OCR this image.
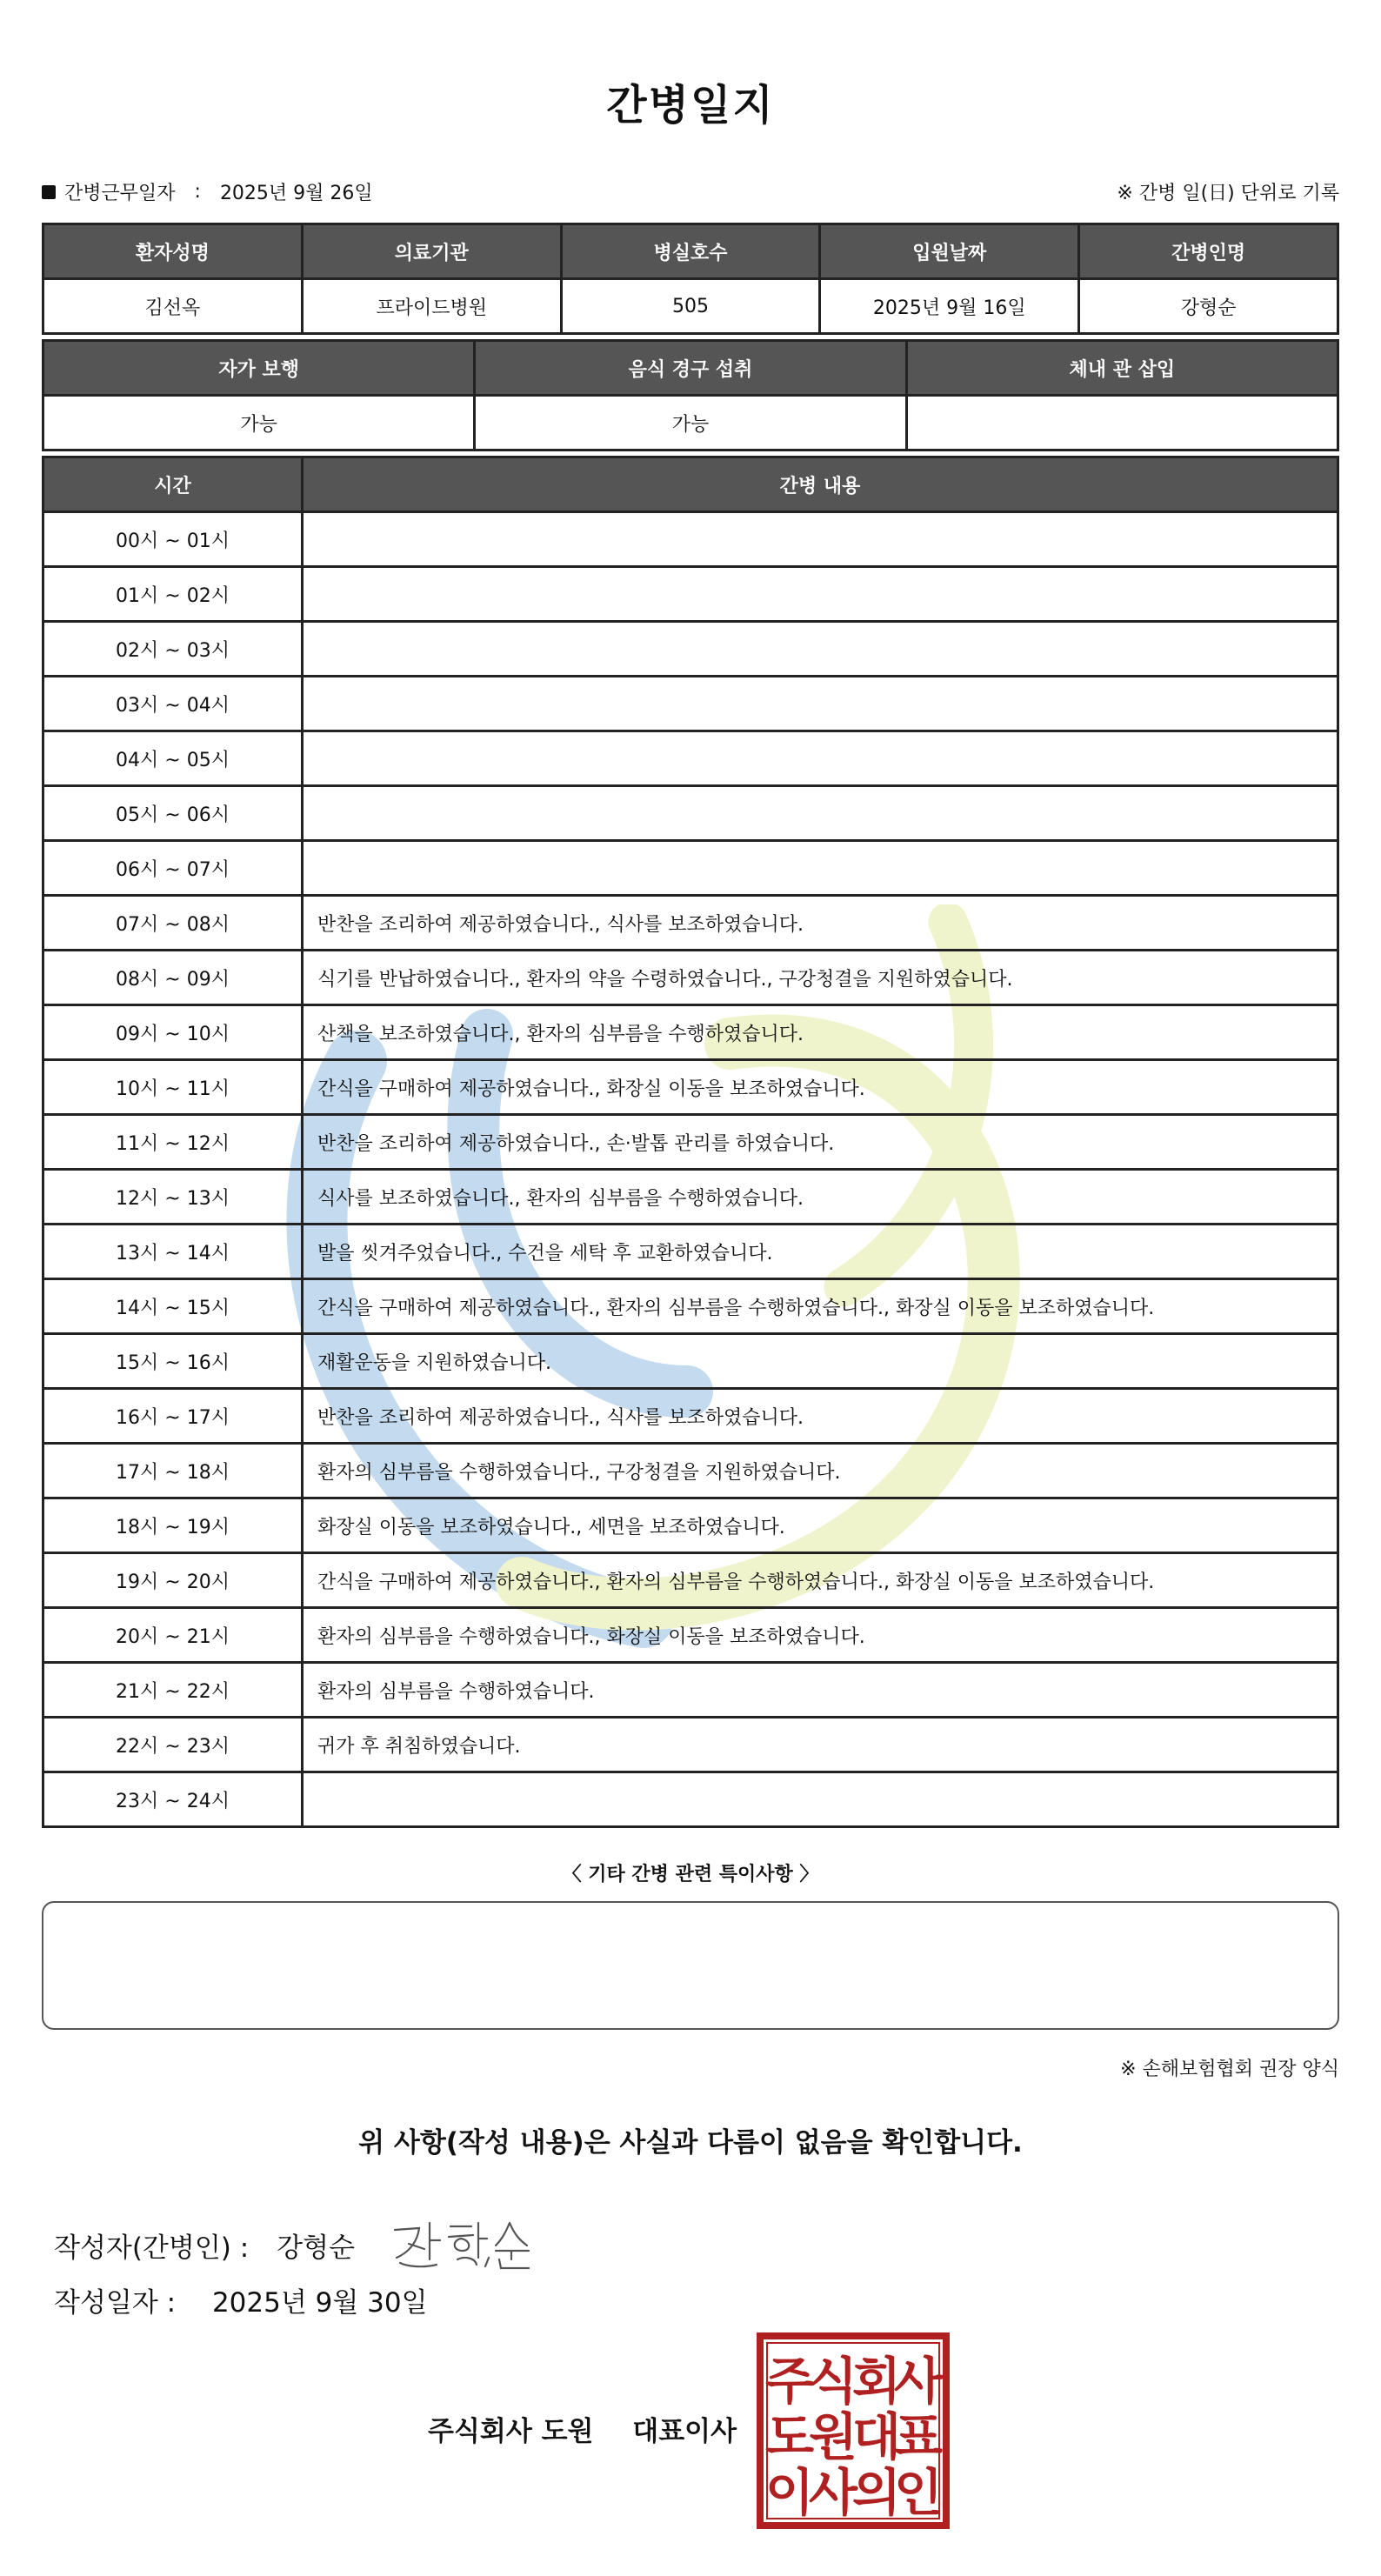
간병일지
간병근무일자 : 2025년 9월 26일	※ 간병 일(日) 단위로 기록
환자성명	의료기관	병실호수	입원날짜	간병인명
김선옥	프라이드병원	505	2025년 9월 16일	강형순
자가 보행	음식 경구 섭취	체내 관 삽입
가능	가능	
시간	간병 내용
00시 ~ 01시	
01시 ~ 02시	
02시 ~ 03시	
03시 ~ 04시	
04시 ~ 05시	
05시 ~ 06시	
06시 ~ 07시	
07시 ~ 08시	반찬을 조리하여 제공하였습니다., 식사를 보조하였습니다.
08시 ~ 09시	식기를 반납하였습니다., 환자의 약을 수령하였습니다., 구강청결을 지원하였습니다.
09시 ~ 10시	산책을 보조하였습니다., 환자의 심부름을 수행하였습니다.
10시 ~ 11시	간식을 구매하여 제공하였습니다., 화장실 이동을 보조하였습니다.
11시 ~ 12시	반찬을 조리하여 제공하였습니다., 손·발톱 관리를 하였습니다.
12시 ~ 13시	식사를 보조하였습니다., 환자의 심부름을 수행하였습니다.
13시 ~ 14시	발을 씻겨주었습니다., 수건을 세탁 후 교환하였습니다.
14시 ~ 15시	간식을 구매하여 제공하였습니다., 환자의 심부름을 수행하였습니다., 화장실 이동을 보조하였습니다.
15시 ~ 16시	재활운동을 지원하였습니다.
16시 ~ 17시	반찬을 조리하여 제공하였습니다., 식사를 보조하였습니다.
17시 ~ 18시	환자의 심부름을 수행하였습니다., 구강청결을 지원하였습니다.
18시 ~ 19시	화장실 이동을 보조하였습니다., 세면을 보조하였습니다.
19시 ~ 20시	간식을 구매하여 제공하였습니다., 환자의 심부름을 수행하였습니다., 화장실 이동을 보조하였습니다.
20시 ~ 21시	환자의 심부름을 수행하였습니다., 화장실 이동을 보조하였습니다.
21시 ~ 22시	환자의 심부름을 수행하였습니다.
22시 ~ 23시	귀가 후 취침하였습니다.
23시 ~ 24시	
〈 기타 간병 관련 특이사항 〉
※ 손해보험협회 권장 양식
위 사항(작성 내용)은 사실과 다름이 없음을 확인합니다.
작성자(간병인) : 강형순
작성일자 : 2025년 9월 30일
주식회사 도원 대표이사
주
식
회
사
도
원
대
표
이
사
의
인
